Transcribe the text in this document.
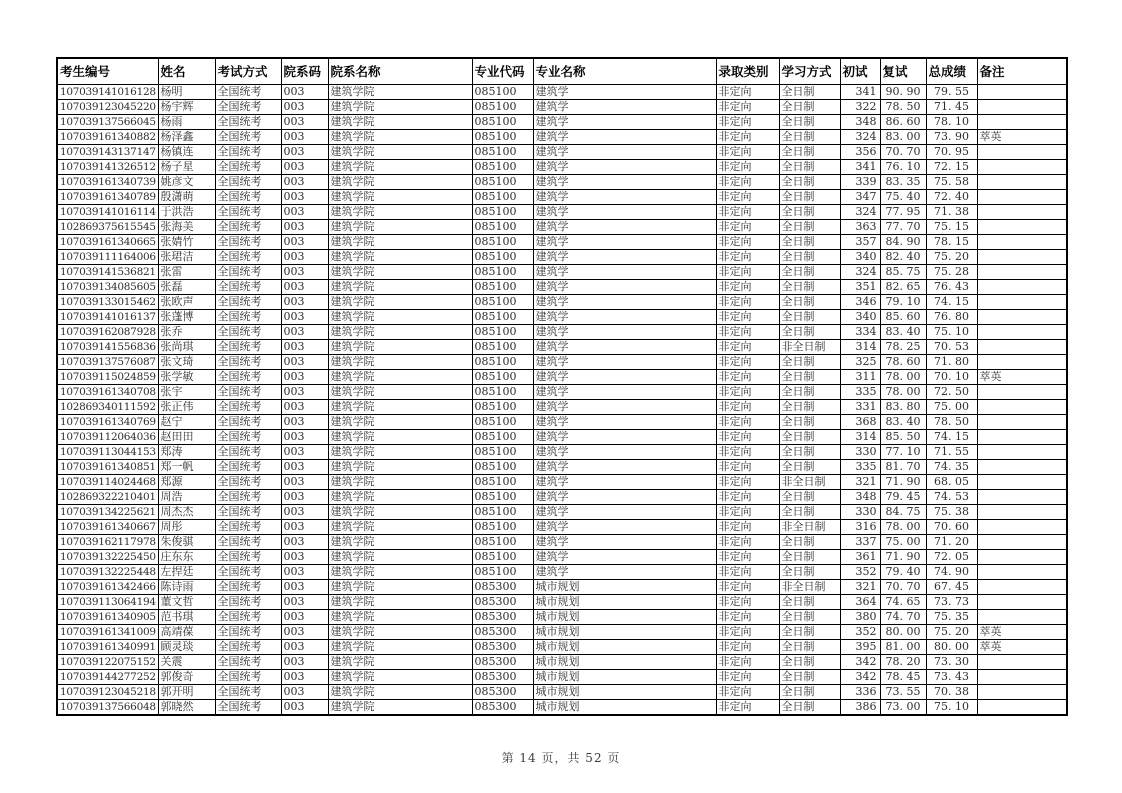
考生编号	姓名	考试方式	院系码	院系名称	专业代码	专业名称	录取类别	学习方式	初试	复试	总成绩	备注
107039141016128	杨明	全国统考	003	建筑学院	085100	建筑学	非定向	全日制	341	90. 90	79. 55	
107039123045220	杨宇辉	全国统考	003	建筑学院	085100	建筑学	非定向	全日制	322	78. 50	71. 45	
107039137566045	杨雨	全国统考	003	建筑学院	085100	建筑学	非定向	全日制	348	86. 60	78. 10	
107039161340882	杨泽鑫	全国统考	003	建筑学院	085100	建筑学	非定向	全日制	324	83. 00	73. 90	萃英
107039143137147	杨镇连	全国统考	003	建筑学院	085100	建筑学	非定向	全日制	356	70. 70	70. 95	
107039141326512	杨子星	全国统考	003	建筑学院	085100	建筑学	非定向	全日制	341	76. 10	72. 15	
107039161340739	姚彦文	全国统考	003	建筑学院	085100	建筑学	非定向	全日制	339	83. 35	75. 58	
107039161340789	殷潇萌	全国统考	003	建筑学院	085100	建筑学	非定向	全日制	347	75. 40	72. 40	
107039141016114	于洪浩	全国统考	003	建筑学院	085100	建筑学	非定向	全日制	324	77. 95	71. 38	
102869375615545	张海美	全国统考	003	建筑学院	085100	建筑学	非定向	全日制	363	77. 70	75. 15	
107039161340665	张婧竹	全国统考	003	建筑学院	085100	建筑学	非定向	全日制	357	84. 90	78. 15	
107039111164006	张珺洁	全国统考	003	建筑学院	085100	建筑学	非定向	全日制	340	82. 40	75. 20	
107039141536821	张雷	全国统考	003	建筑学院	085100	建筑学	非定向	全日制	324	85. 75	75. 28	
107039134085605	张磊	全国统考	003	建筑学院	085100	建筑学	非定向	全日制	351	82. 65	76. 43	
107039133015462	张欧声	全国统考	003	建筑学院	085100	建筑学	非定向	全日制	346	79. 10	74. 15	
107039141016137	张蓬博	全国统考	003	建筑学院	085100	建筑学	非定向	全日制	340	85. 60	76. 80	
107039162087928	张乔	全国统考	003	建筑学院	085100	建筑学	非定向	全日制	334	83. 40	75. 10	
107039141556836	张尚琪	全国统考	003	建筑学院	085100	建筑学	非定向	非全日制	314	78. 25	70. 53	
107039137576087	张文琦	全国统考	003	建筑学院	085100	建筑学	非定向	全日制	325	78. 60	71. 80	
107039115024859	张学敏	全国统考	003	建筑学院	085100	建筑学	非定向	全日制	311	78. 00	70. 10	萃英
107039161340708	张宇	全国统考	003	建筑学院	085100	建筑学	非定向	全日制	335	78. 00	72. 50	
102869340111592	张正伟	全国统考	003	建筑学院	085100	建筑学	非定向	全日制	331	83. 80	75. 00	
107039161340769	赵宁	全国统考	003	建筑学院	085100	建筑学	非定向	全日制	368	83. 40	78. 50	
107039112064036	赵田田	全国统考	003	建筑学院	085100	建筑学	非定向	全日制	314	85. 50	74. 15	
107039113044153	郑涛	全国统考	003	建筑学院	085100	建筑学	非定向	全日制	330	77. 10	71. 55	
107039161340851	郑一帆	全国统考	003	建筑学院	085100	建筑学	非定向	全日制	335	81. 70	74. 35	
107039114024468	郑源	全国统考	003	建筑学院	085100	建筑学	非定向	非全日制	321	71. 90	68. 05	
102869322210401	周浩	全国统考	003	建筑学院	085100	建筑学	非定向	全日制	348	79. 45	74. 53	
107039134225621	周杰杰	全国统考	003	建筑学院	085100	建筑学	非定向	全日制	330	84. 75	75. 38	
107039161340667	周彤	全国统考	003	建筑学院	085100	建筑学	非定向	非全日制	316	78. 00	70. 60	
107039162117978	朱俊骐	全国统考	003	建筑学院	085100	建筑学	非定向	全日制	337	75. 00	71. 20	
107039132225450	庄东东	全国统考	003	建筑学院	085100	建筑学	非定向	全日制	361	71. 90	72. 05	
107039132225448	左捍廷	全国统考	003	建筑学院	085100	建筑学	非定向	全日制	352	79. 40	74. 90	
107039161342466	陈诗雨	全国统考	003	建筑学院	085300	城市规划	非定向	非全日制	321	70. 70	67. 45	
107039113064194	董文哲	全国统考	003	建筑学院	085300	城市规划	非定向	全日制	364	74. 65	73. 73	
107039161340905	范书琪	全国统考	003	建筑学院	085300	城市规划	非定向	全日制	380	74. 70	75. 35	
107039161341009	高靖葆	全国统考	003	建筑学院	085300	城市规划	非定向	全日制	352	80. 00	75. 20	萃英
107039161340991	顾灵琰	全国统考	003	建筑学院	085300	城市规划	非定向	全日制	395	81. 00	80. 00	萃英
107039122075152	关震	全国统考	003	建筑学院	085300	城市规划	非定向	全日制	342	78. 20	73. 30	
107039144277252	郭俊奇	全国统考	003	建筑学院	085300	城市规划	非定向	全日制	342	78. 45	73. 43	
107039123045218	郭开明	全国统考	003	建筑学院	085300	城市规划	非定向	全日制	336	73. 55	70. 38	
107039137566048	郭晓然	全国统考	003	建筑学院	085300	城市规划	非定向	全日制	386	73. 00	75. 10	
第 14 页，共 52 页
